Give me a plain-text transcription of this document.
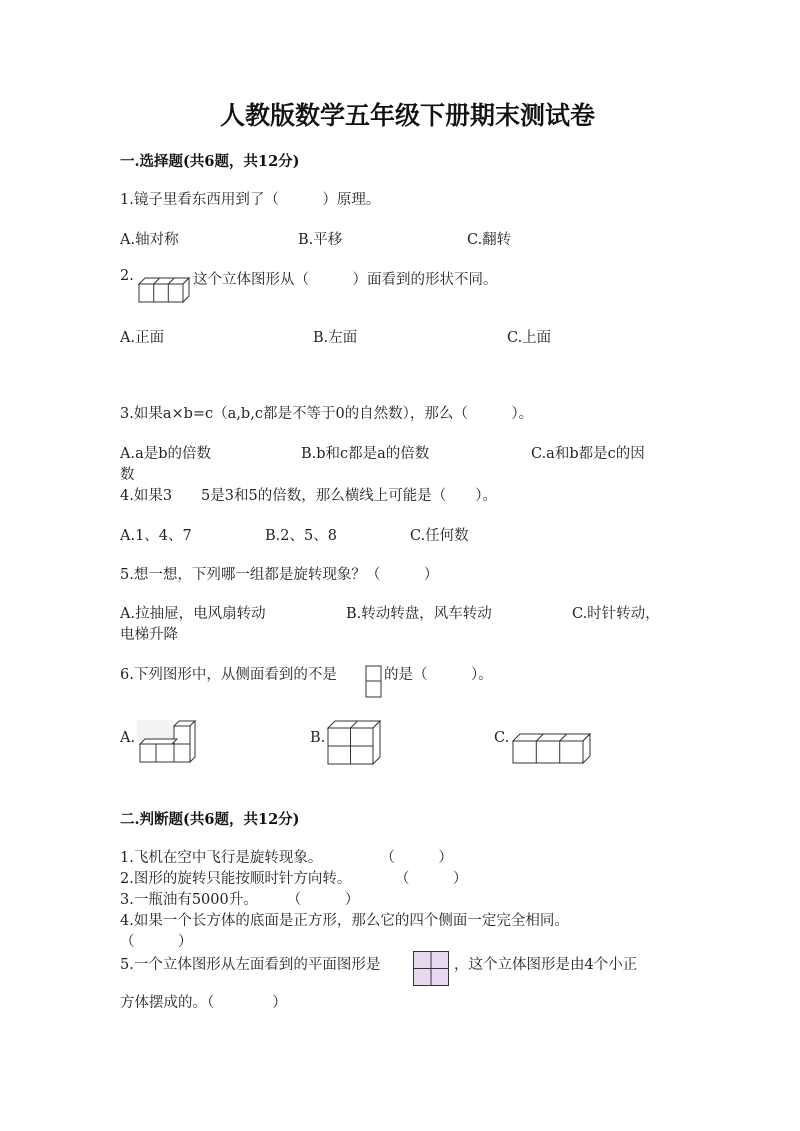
人教版数学五年级下册期末测试卷
一.选择题(共6题，共12分)
1.镜子里看东西用到了（　　　）原理。
A.轴对称	B.平移	C.翻转
2.	这个立体图形从（　　　）面看到的形状不同。
A.正面	B.左面	C.上面
3.如果a×b=c（a,b,c都是不等于0的自然数），那么（　　　）。
A.a是b的倍数	B.b和c都是a的倍数	C.a和b都是c的因
数
4.如果3　　5是3和5的倍数，那么横线上可能是（　　）。
A.1、4、7	B.2、5、8	C.任何数
5.想一想，下列哪一组都是旋转现象？（　　　）
A.拉抽屉，电风扇转动	B.转动转盘，风车转动	C.时针转动，
电梯升降
6.下列图形中，从侧面看到的不是	的是（　　　）。
A.	B.	C.
二.判断题(共6题，共12分)
1.飞机在空中飞行是旋转现象。　　　　　（　　　）
2.图形的旋转只能按顺时针方向转。　　　　（　　　）
3.一瓶油有5000升。　　　（　　　）
4.如果一个长方体的底面是正方形，那么它的四个侧面一定完全相同。
（　　　）
5.一个立体图形从左面看到的平面图形是	，这个立体图形是由4个小正
方体摆成的。（　　　　）
